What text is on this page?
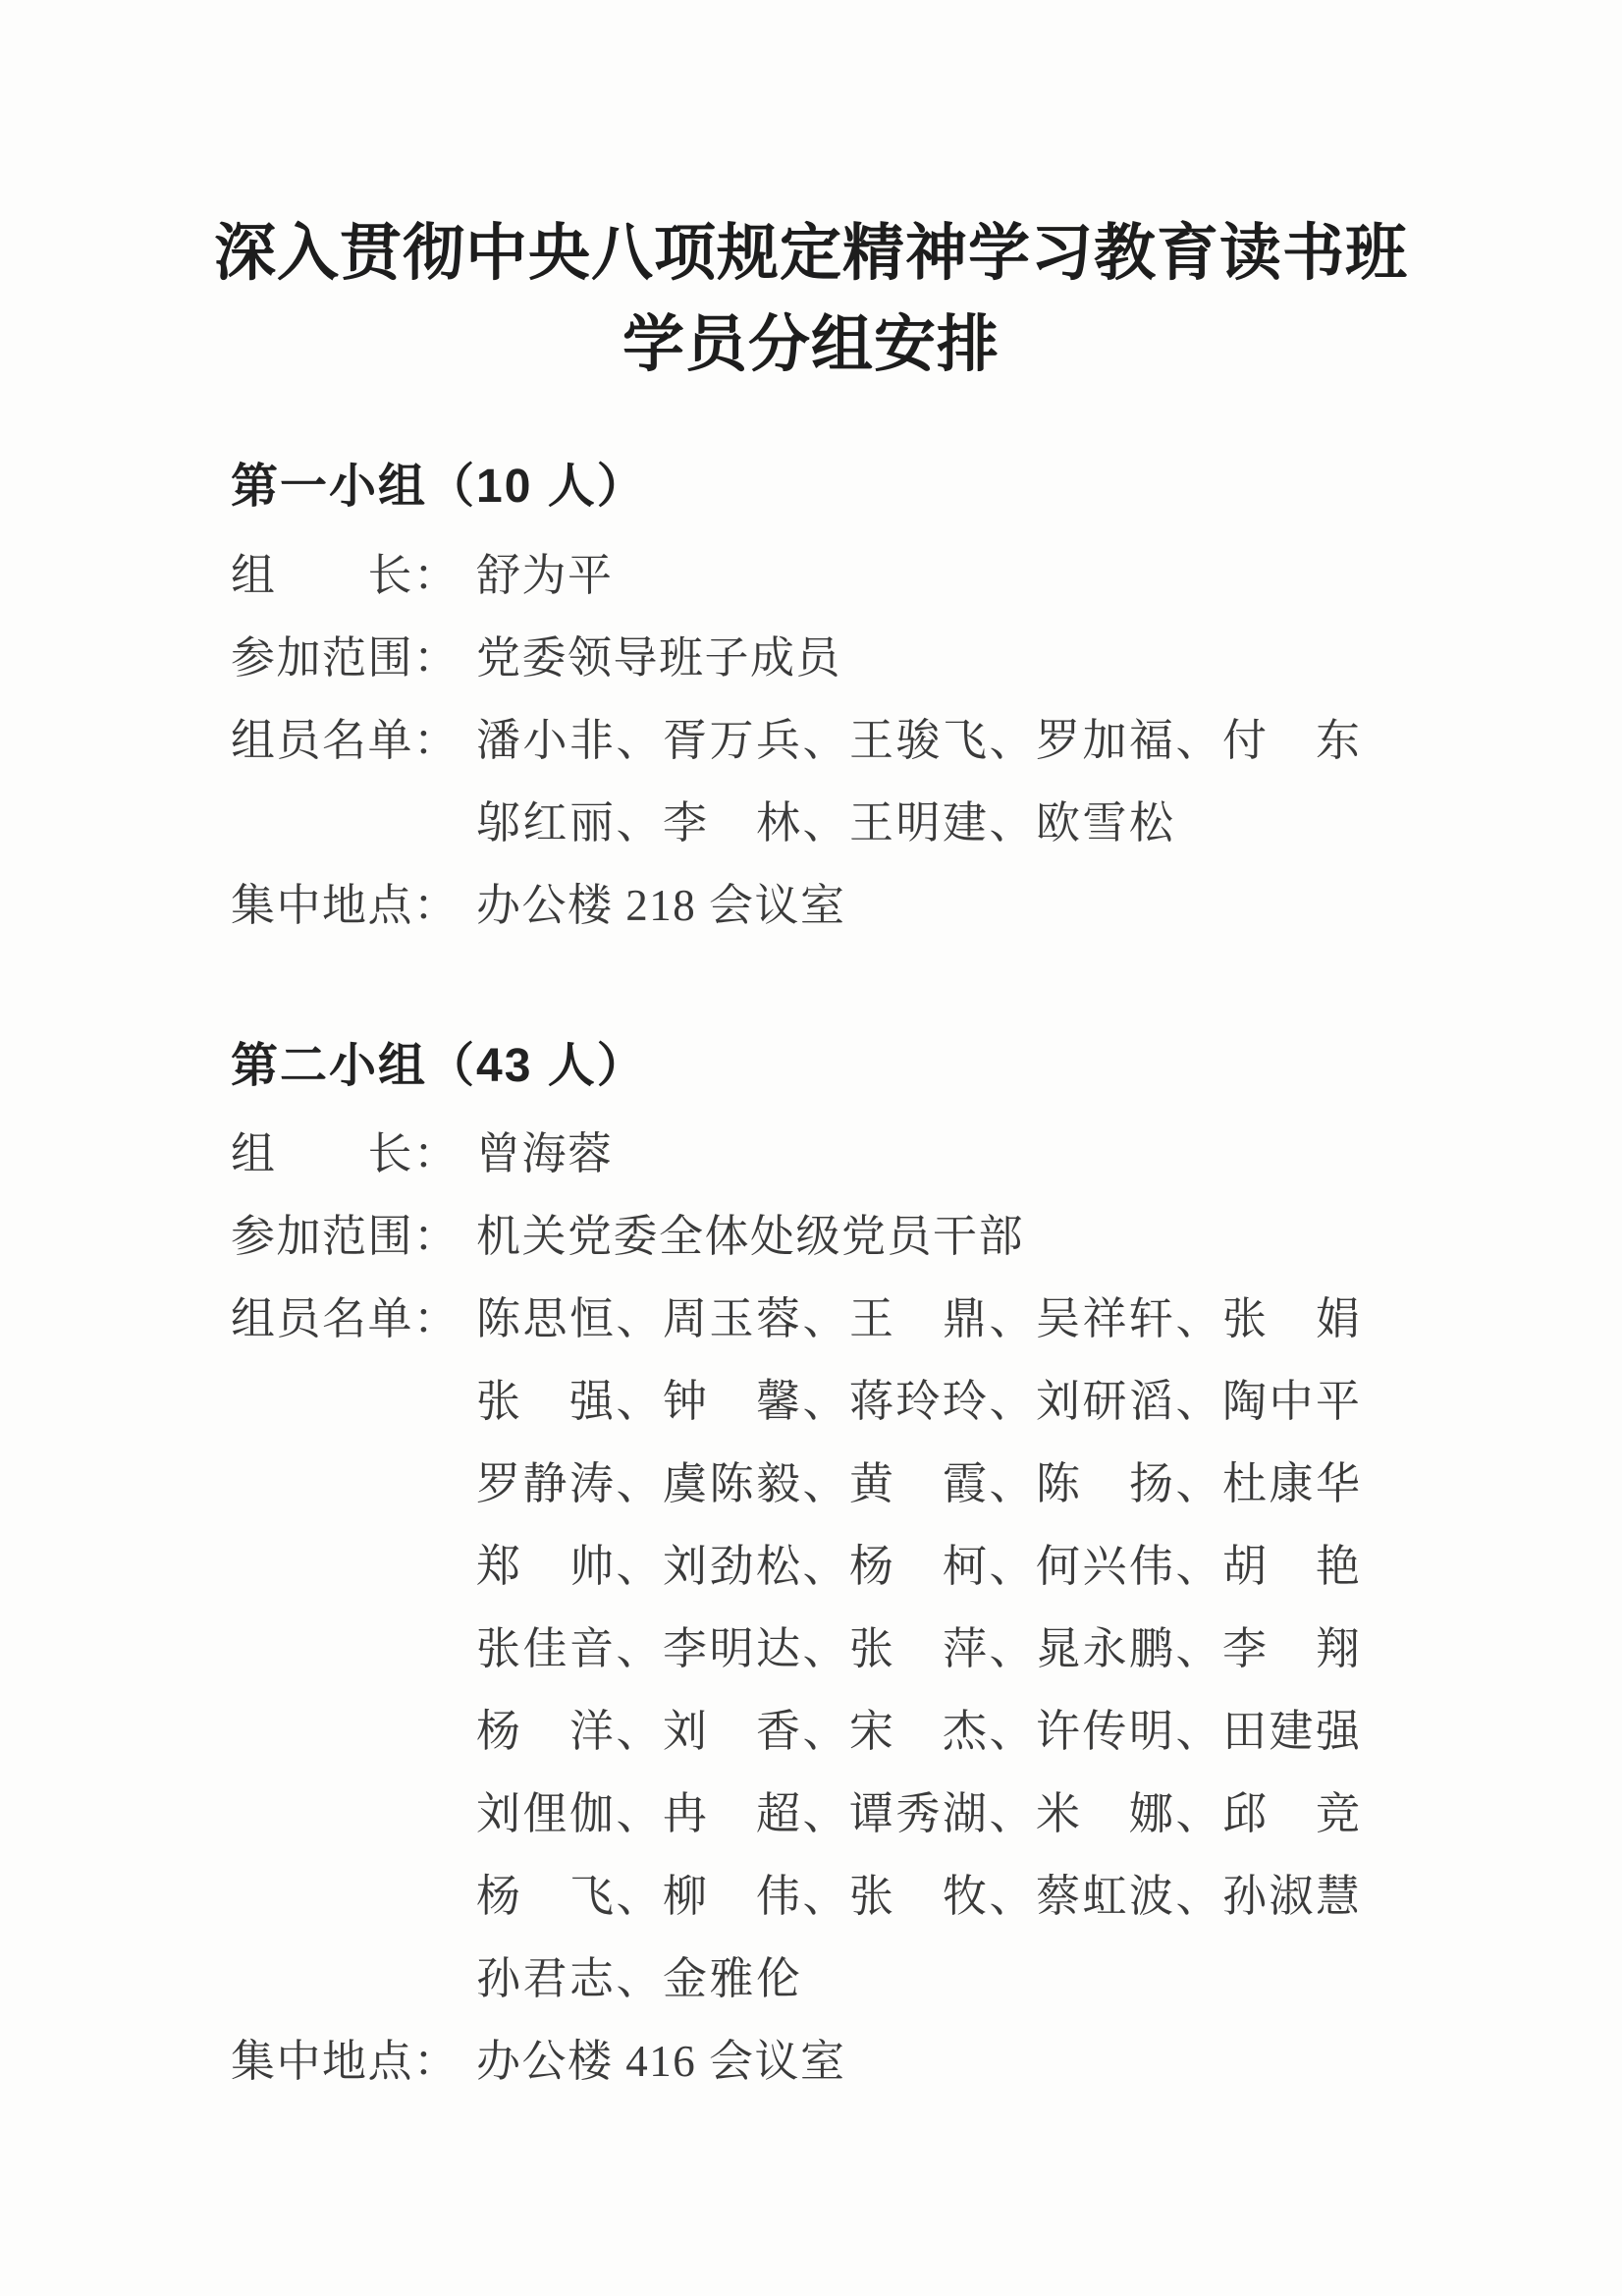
深入贯彻中央八项规定精神学习教育读书班
学员分组安排
第一小组（10 人）
组　　长： 舒为平
参加范围： 党委领导班子成员
组员名单： 潘小非、胥万兵、王骏飞、罗加福、付　东
邬红丽、李　林、王明建、欧雪松
集中地点： 办公楼 218 会议室
第二小组（43 人）
组　　长： 曾海蓉
参加范围： 机关党委全体处级党员干部
组员名单： 陈思恒、周玉蓉、王　鼎、吴祥轩、张　娟
张　强、钟　馨、蒋玲玲、刘研滔、陶中平
罗静涛、虞陈毅、黄　霞、陈　扬、杜康华
郑　帅、刘劲松、杨　柯、何兴伟、胡　艳
张佳音、李明达、张　萍、晁永鹏、李　翔
杨　洋、刘　香、宋　杰、许传明、田建强
刘俚伽、冉　超、谭秀湖、米　娜、邱　竞
杨　飞、柳　伟、张　牧、蔡虹波、孙淑慧
孙君志、金雅伦
集中地点： 办公楼 416 会议室
